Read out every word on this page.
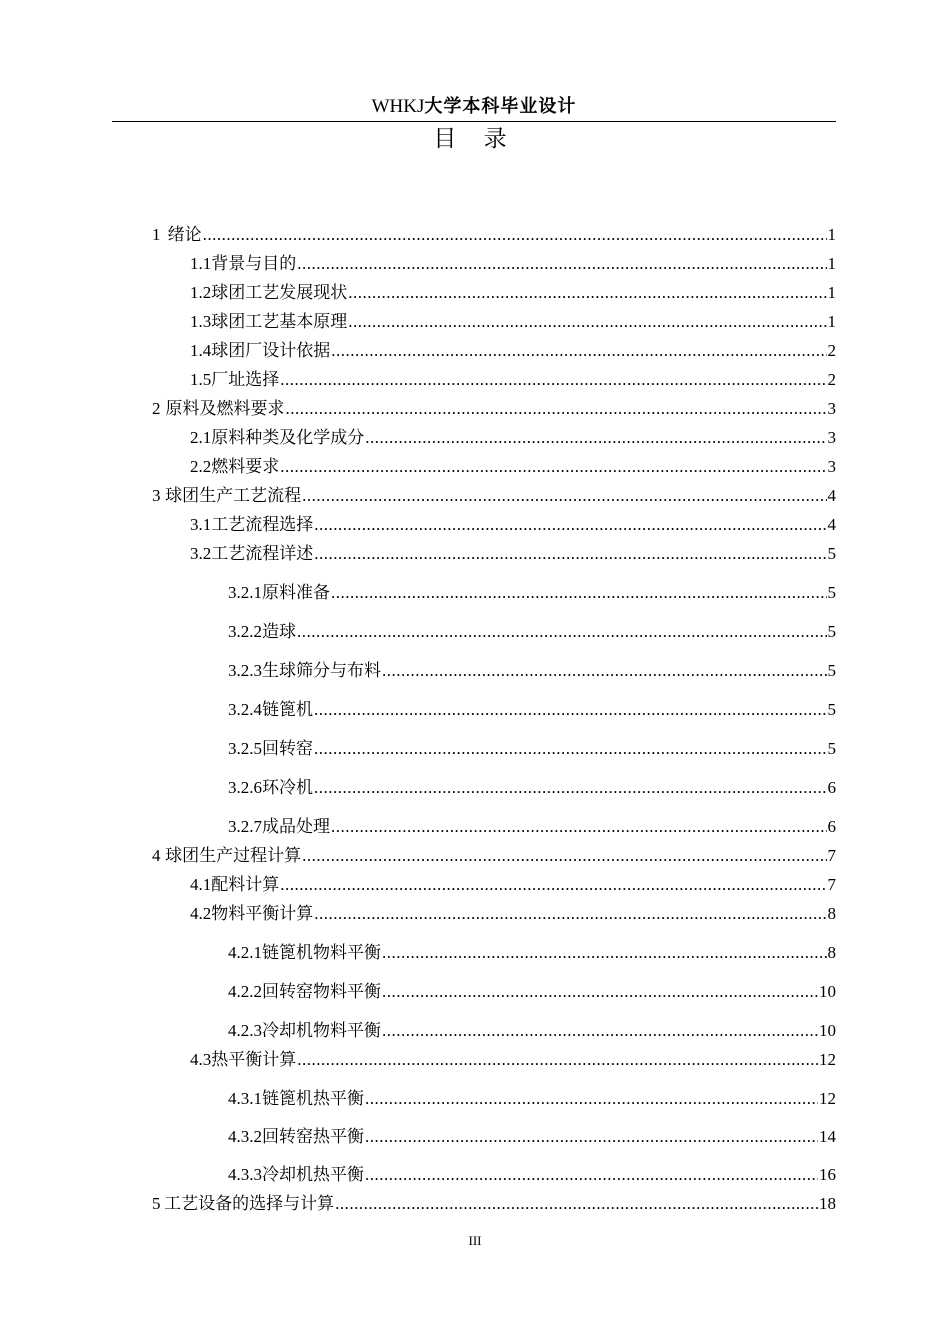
WHKJ大学本科毕业设计
目 录
1 绪论 .....	1
1.1 背景与目的 .....	1
1.2 球团工艺发展现状 .....	1
1.3 球团工艺基本原理 .....	1
1.4 球团厂设计依据 .....	2
1.5 厂址选择 .....	2
2 原料及燃料要求 .....	3
2.1 原料种类及化学成分 .....	3
2.2 燃料要求 .....	3
3 球团生产工艺流程 .....	4
3.1 工艺流程选择 .....	4
3.2 工艺流程详述 .....	5
3.2.1 原料准备 .....	5
3.2.2 造球 .....	5
3.2.3 生球筛分与布料 .....	5
3.2.4 链篦机 .....	5
3.2.5 回转窑 .....	5
3.2.6 环冷机 .....	6
3.2.7 成品处理 .....	6
4 球团生产过程计算 .....	7
4.1 配料计算 .....	7
4.2 物料平衡计算 .....	8
4.2.1 链篦机物料平衡 .....	8
4.2.2 回转窑物料平衡 .....	10
4.2.3 冷却机物料平衡 .....	10
4.3 热平衡计算 .....	12
4.3.1 链篦机热平衡 .....	12
4.3.2 回转窑热平衡 .....	14
4.3.3 冷却机热平衡 .....	16
5 工艺设备的选择与计算 .....	18
III
